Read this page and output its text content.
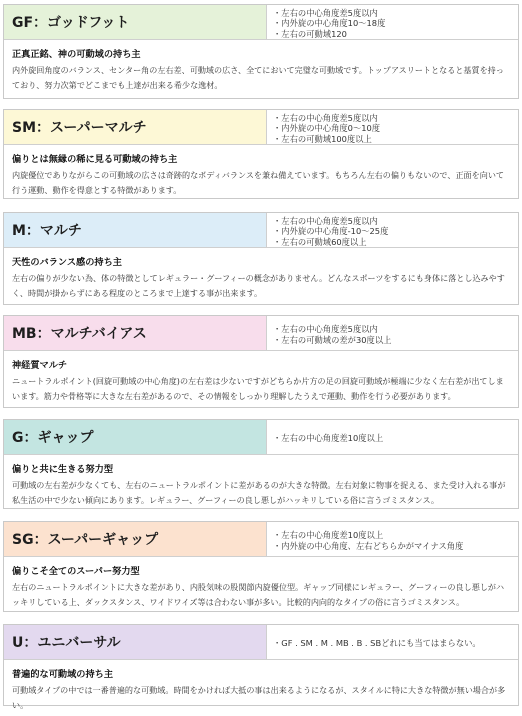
GF：ゴッドフット
・左右の中心角度差5度以内
・内外旋の中心角度10～18度
・左右の可動域120
正真正銘、神の可動域の持ち主
内外旋回角度のバランス、センター角の左右差、可動域の広さ、全てにおいて完璧な可動域です。トップアスリートとなると基質を持っており、努力次第でどこまでも上達が出来る希少な逸材。
SM：スーパーマルチ
・左右の中心角度差5度以内
・内外旋の中心角度0～10度
・左右の可動域100度以上
偏りとは無縁の稀に見る可動域の持ち主
内旋優位でありながらこの可動域の広さは奇跡的なボディバランスを兼ね備えています。もちろん左右の偏りもないので、正面を向いて行う運動、動作を得意とする特徴があります。
M：マルチ
・左右の中心角度差5度以内
・内外旋の中心角度-10～25度
・左右の可動域60度以上
天性のバランス感の持ち主
左右の偏りが少ない為、体の特徴としてレギュラー・グーフィーの概念がありません。どんなスポーツをするにも身体に落とし込みやすく、時間が掛からずにある程度のところまで上達する事が出来ます。
MB：マルチバイアス	・左右の中心角度差5度以内
・左右の可動域の差が30度以上
神経質マルチ
ニュートラルポイント(回旋可動域の中心角度)の左右差は少ないですがどちらか片方の足の回旋可動域が極端に少なく左右差が出てしまいます。筋力や骨格等に大きな左右差があるので、その情報をしっかり理解したうえで運動、動作を行う必要があります。
G：ギャップ	・左右の中心角度差10度以上
偏りと共に生きる努力型
可動域の左右差が少なくても、左右のニュートラルポイントに差があるのが大きな特徴。左右対象に物事を捉える、また受け入れる事が私生活の中で少ない傾向にあります。レギュラー、グーフィーの良し悪しがハッキリしている俗に言うゴミスタンス。
SG：スーパーギャップ	・左右の中心角度差10度以上
・内外旋の中心角度、左右どちらかがマイナス角度
偏りこそ全てのスーパー努力型
左右のニュートラルポイントに大きな差があり、内股気味の股関節内旋優位型。ギャップ同様にレギュラー、グーフィーの良し悪しがハッキリしている上、ダックスタンス、ワイドワイズ等は合わない事が多い。比較的内向的なタイプの俗に言うゴミスタンス。
U：ユニバーサル	・GF . SM . M . MB . B . SBどれにも当てはまらない。
普遍的な可動域の持ち主
可動域タイプの中では一番普遍的な可動域。時間をかければ大抵の事は出来るようになるが、スタイルに特に大きな特徴が無い場合が多い。
